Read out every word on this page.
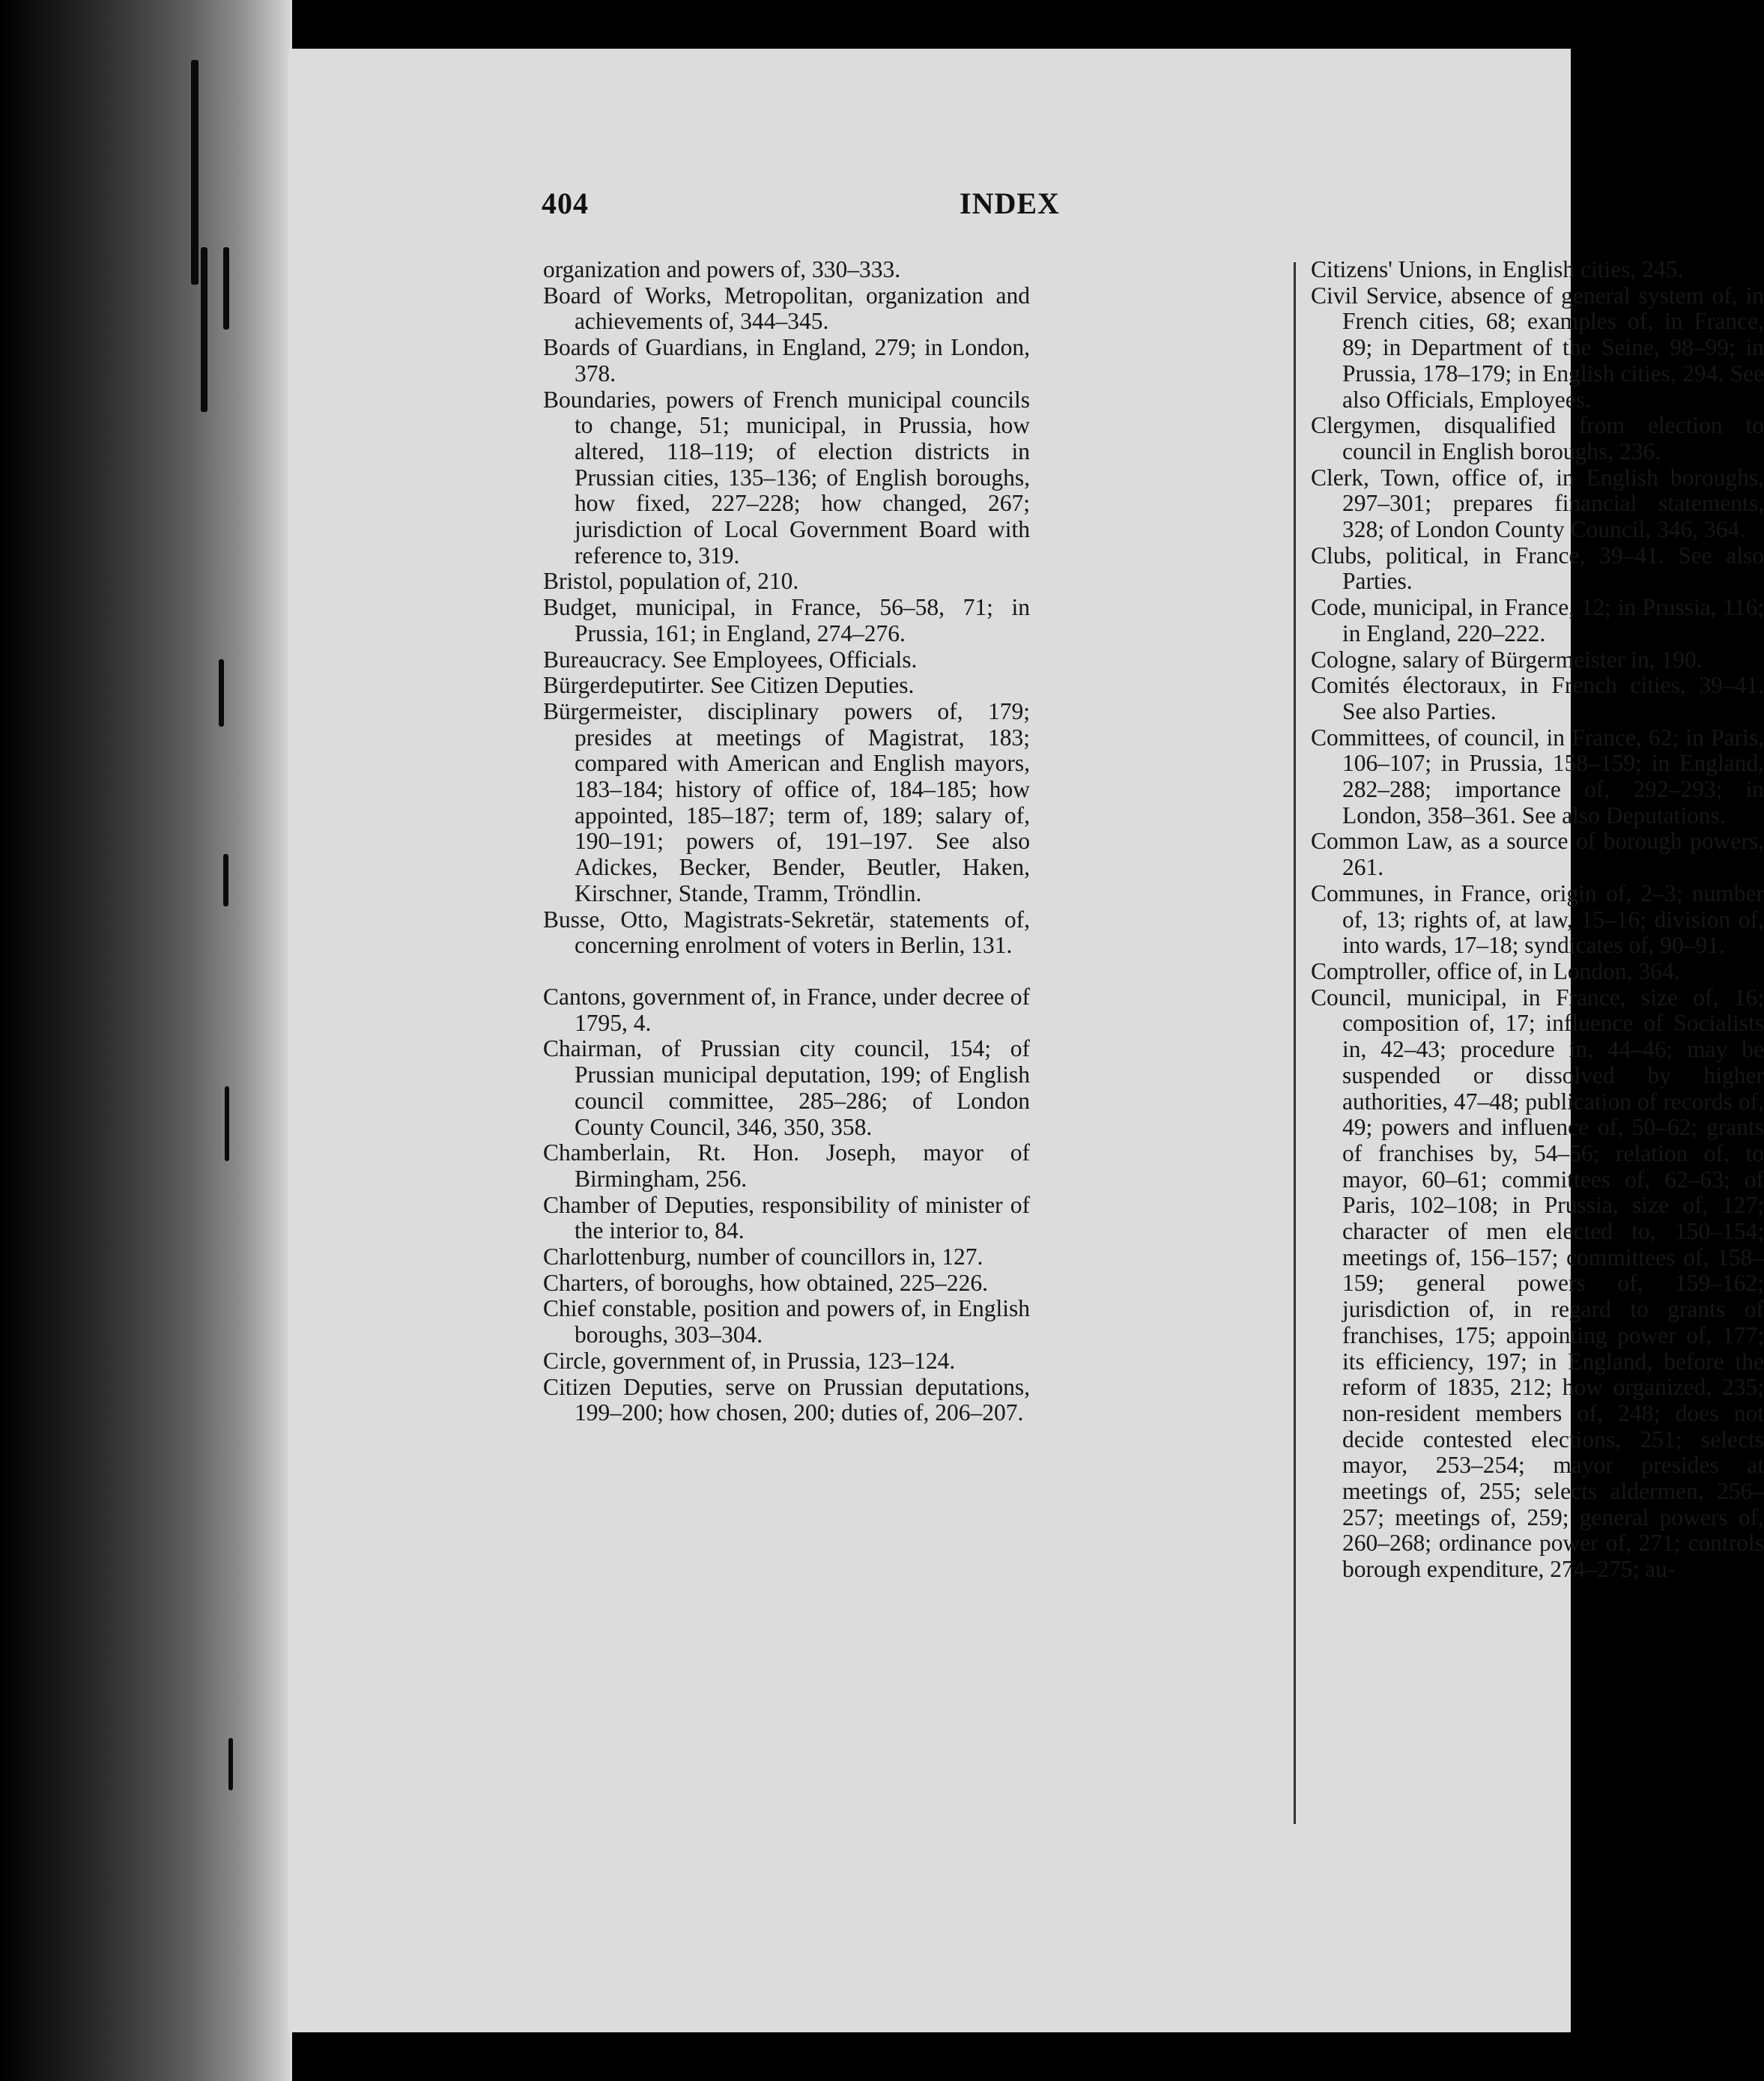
404	INDEX

organization and powers of, 330–333.

Board of Works, Metropolitan, organization and achievements of, 344–345.

Boards of Guardians, in England, 279; in London, 378.

Boundaries, powers of French municipal councils to change, 51; municipal, in Prussia, how altered, 118–119; of election districts in Prussian cities, 135–136; of English boroughs, how fixed, 227–228; how changed, 267; jurisdiction of Local Government Board with reference to, 319.

Bristol, population of, 210.

Budget, municipal, in France, 56–58, 71; in Prussia, 161; in England, 274–276.

Bureaucracy. See Employees, Officials.

Bürgerdeputirter. See Citizen Deputies.

Bürgermeister, disciplinary powers of, 179; presides at meetings of Magistrat, 183; compared with American and English mayors, 183–184; history of office of, 184–185; how appointed, 185–187; term of, 189; salary of, 190–191; powers of, 191–197. See also Adickes, Becker, Bender, Beutler, Haken, Kirschner, Stande, Tramm, Tröndlin.

Busse, Otto, Magistrats-Sekretär, statements of, concerning enrolment of voters in Berlin, 131.

Cantons, government of, in France, under decree of 1795, 4.

Chairman, of Prussian city council, 154; of Prussian municipal deputation, 199; of English council committee, 285–286; of London County Council, 346, 350, 358.

Chamberlain, Rt. Hon. Joseph, mayor of Birmingham, 256.

Chamber of Deputies, responsibility of minister of the interior to, 84.

Charlottenburg, number of councillors in, 127.

Charters, of boroughs, how obtained, 225–226.

Chief constable, position and powers of, in English boroughs, 303–304.

Circle, government of, in Prussia, 123–124.

Citizen Deputies, serve on Prussian deputations, 199–200; how chosen, 200; duties of, 206–207.

Citizens' Unions, in English cities, 245.

Civil Service, absence of general system of, in French cities, 68; examples of, in France, 89; in Department of the Seine, 98–99; in Prussia, 178–179; in English cities, 294. See also Officials, Employees.

Clergymen, disqualified from election to council in English boroughs, 236.

Clerk, Town, office of, in English boroughs, 297–301; prepares financial statements, 328; of London County Council, 346, 364.

Clubs, political, in France, 39–41. See also Parties.

Code, municipal, in France, 12; in Prussia, 116; in England, 220–222.

Cologne, salary of Bürgermeister in, 190.

Comités électoraux, in French cities, 39–41. See also Parties.

Committees, of council, in France, 62; in Paris, 106–107; in Prussia, 158–159; in England, 282–288; importance of, 292–293; in London, 358–361. See also Deputations.

Common Law, as a source of borough powers, 261.

Communes, in France, origin of, 2–3; number of, 13; rights of, at law, 15–16; division of, into wards, 17–18; syndicates of, 90–91.

Comptroller, office of, in London, 364.

Council, municipal, in France, size of, 16; composition of, 17; influence of Socialists in, 42–43; procedure in, 44–46; may be suspended or dissolved by higher authorities, 47–48; publication of records of, 49; powers and influence of, 50–62; grants of franchises by, 54–56; relation of, to mayor, 60–61; committees of, 62–63; of Paris, 102–108; in Prussia, size of, 127; character of men elected to, 150–154; meetings of, 156–157; committees of, 158–159; general powers of, 159–162; jurisdiction of, in regard to grants of franchises, 175; appointing power of, 177; its efficiency, 197; in England, before the reform of 1835, 212; how organized, 235; non-resident members of, 248; does not decide contested elections, 251; selects mayor, 253–254; mayor presides at meetings of, 255; selects aldermen, 256–257; meetings of, 259; general powers of, 260–268; ordinance power of, 271; controls borough expenditure, 274–275; au-
